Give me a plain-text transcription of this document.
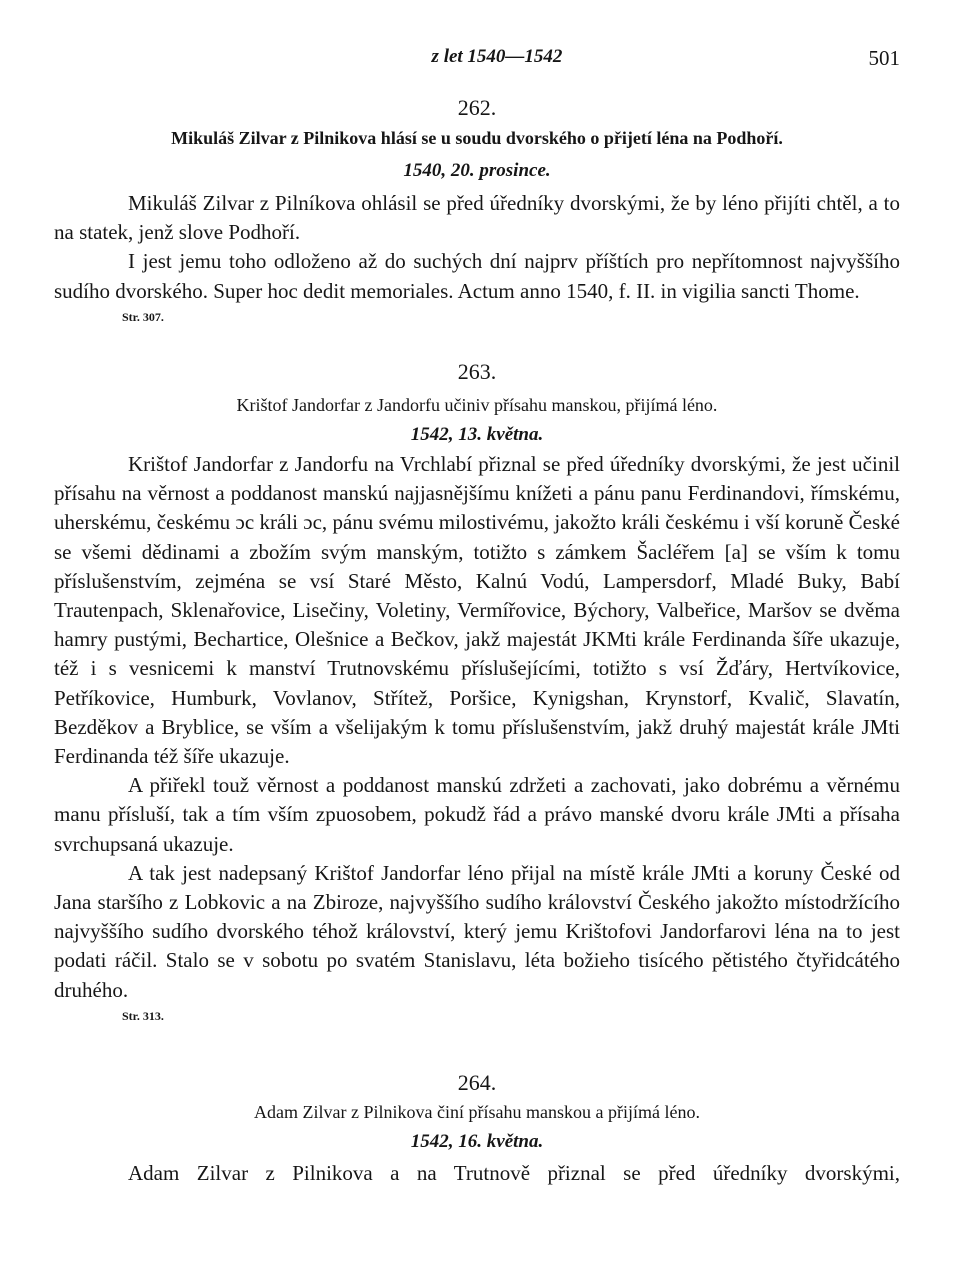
z let 1540—1542	501
262.
Mikuláš Zilvar z Pilnikova hlásí se u soudu dvorského o přijetí léna na Podhoří.
1540, 20. prosince.

Mikuláš Zilvar z Pilníkova ohlásil se před úředníky dvorskými, že by léno přijíti chtěl, a to na statek, jenž slove Podhoří.

I jest jemu toho odloženo až do suchých dní najprv příštích pro nepřítomnost najvyššího sudího dvorského. Super hoc dedit memoriales. Actum anno 1540, f. II. in vigilia sancti Thome.

Str. 307.

263.
Krištof Jandorfar z Jandorfu učiniv přísahu manskou, přijímá léno.
1542, 13. května.

Krištof Jandorfar z Jandorfu na Vrchlabí přiznal se před úředníky dvorskými, že jest učinil přísahu na věrnost a poddanost manskú najjasnějšímu knížeti a pánu panu Ferdinandovi, římskému, uherskému, českému ɔc králi ɔc, pánu svému milostivému, jakožto králi českému i vší koruně České se všemi dědinami a zbožím svým manským, totižto s zámkem Šacléřem [a] se vším k tomu příslušenstvím, zejména se vsí Staré Město, Kalnú Vodú, Lampersdorf, Mladé Buky, Babí Trautenpach, Sklenařovice, Lisečiny, Voletiny, Vermířovice, Býchory, Valbeřice, Maršov se dvěma hamry pustými, Bechartice, Olešnice a Bečkov, jakž majestát JKMti krále Ferdinanda šíře ukazuje, též i s vesnicemi k manství Trutnovskému příslušejícími, totižto s vsí Žďáry, Hertvíkovice, Petříkovice, Humburk, Vovlanov, Střítež, Poršice, Kynigshan, Krynstorf, Kvalič, Slavatín, Bezděkov a Bryblice, se vším a všelijakým k tomu příslušenstvím, jakž druhý majestát krále JMti Ferdinanda též šíře ukazuje.

A přiřekl touž věrnost a poddanost manskú zdržeti a zachovati, jako dobrému a věrnému manu přísluší, tak a tím vším zpuosobem, pokudž řád a právo manské dvoru krále JMti a přísaha svrchupsaná ukazuje.

A tak jest nadepsaný Krištof Jandorfar léno přijal na místě krále JMti a koruny České od Jana staršího z Lobkovic a na Zbiroze, najvyššího sudího království Českého jakožto místodržícího najvyššího sudího dvorského téhož království, který jemu Krištofovi Jandorfarovi léna na to jest podati ráčil. Stalo se v sobotu po svatém Stanislavu, léta božieho tisícého pětistého čtyřidcátého druhého.

Str. 313.

264.
Adam Zilvar z Pilnikova činí přísahu manskou a přijímá léno.
1542, 16. května.

Adam Zilvar z Pilnikova a na Trutnově přiznal se před úředníky dvorskými,
